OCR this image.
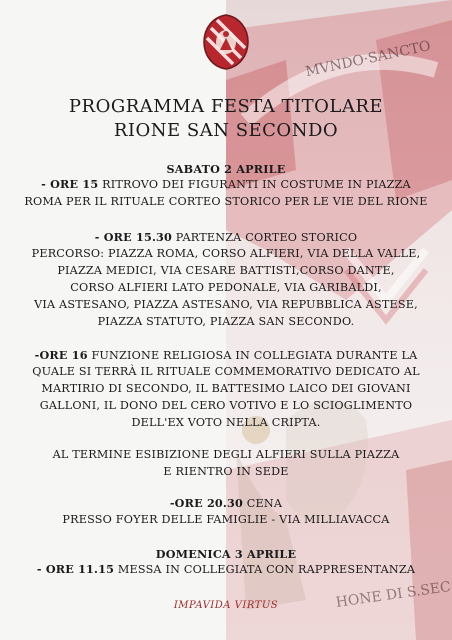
MVNDO·SANCTO
HONE DI S.SEC
PROGRAMMA FESTA TITOLARE
RIONE SAN SECONDO
SABATO 2 APRILE
- ORE 15 RITROVO DEI FIGURANTI IN COSTUME IN PIAZZA
ROMA PER IL RITUALE CORTEO STORICO PER LE VIE DEL RIONE
- ORE 15.30 PARTENZA CORTEO STORICO
PERCORSO: PIAZZA ROMA, CORSO ALFIERI, VIA DELLA VALLE,
PIAZZA MEDICI, VIA CESARE BATTISTI,CORSO DANTE,
CORSO ALFIERI LATO PEDONALE, VIA GARIBALDI,
VIA ASTESANO, PIAZZA ASTESANO, VIA REPUBBLICA ASTESE,
PIAZZA STATUTO, PIAZZA SAN SECONDO.
-ORE 16 FUNZIONE RELIGIOSA IN COLLEGIATA DURANTE LA
QUALE SI TERRÀ IL RITUALE COMMEMORATIVO DEDICATO AL
MARTIRIO DI SECONDO, IL BATTESIMO LAICO DEI GIOVANI
GALLONI, IL DONO DEL CERO VOTIVO E LO SCIOGLIMENTO
DELL'EX VOTO NELLA CRIPTA.
AL TERMINE ESIBIZIONE DEGLI ALFIERI SULLA PIAZZA
E RIENTRO IN SEDE
-ORE 20.30 CENA
PRESSO FOYER DELLE FAMIGLIE - VIA MILLIAVACCA
DOMENICA 3 APRILE
- ORE 11.15 MESSA IN COLLEGIATA CON RAPPRESENTANZA
IMPAVIDA VIRTUS
